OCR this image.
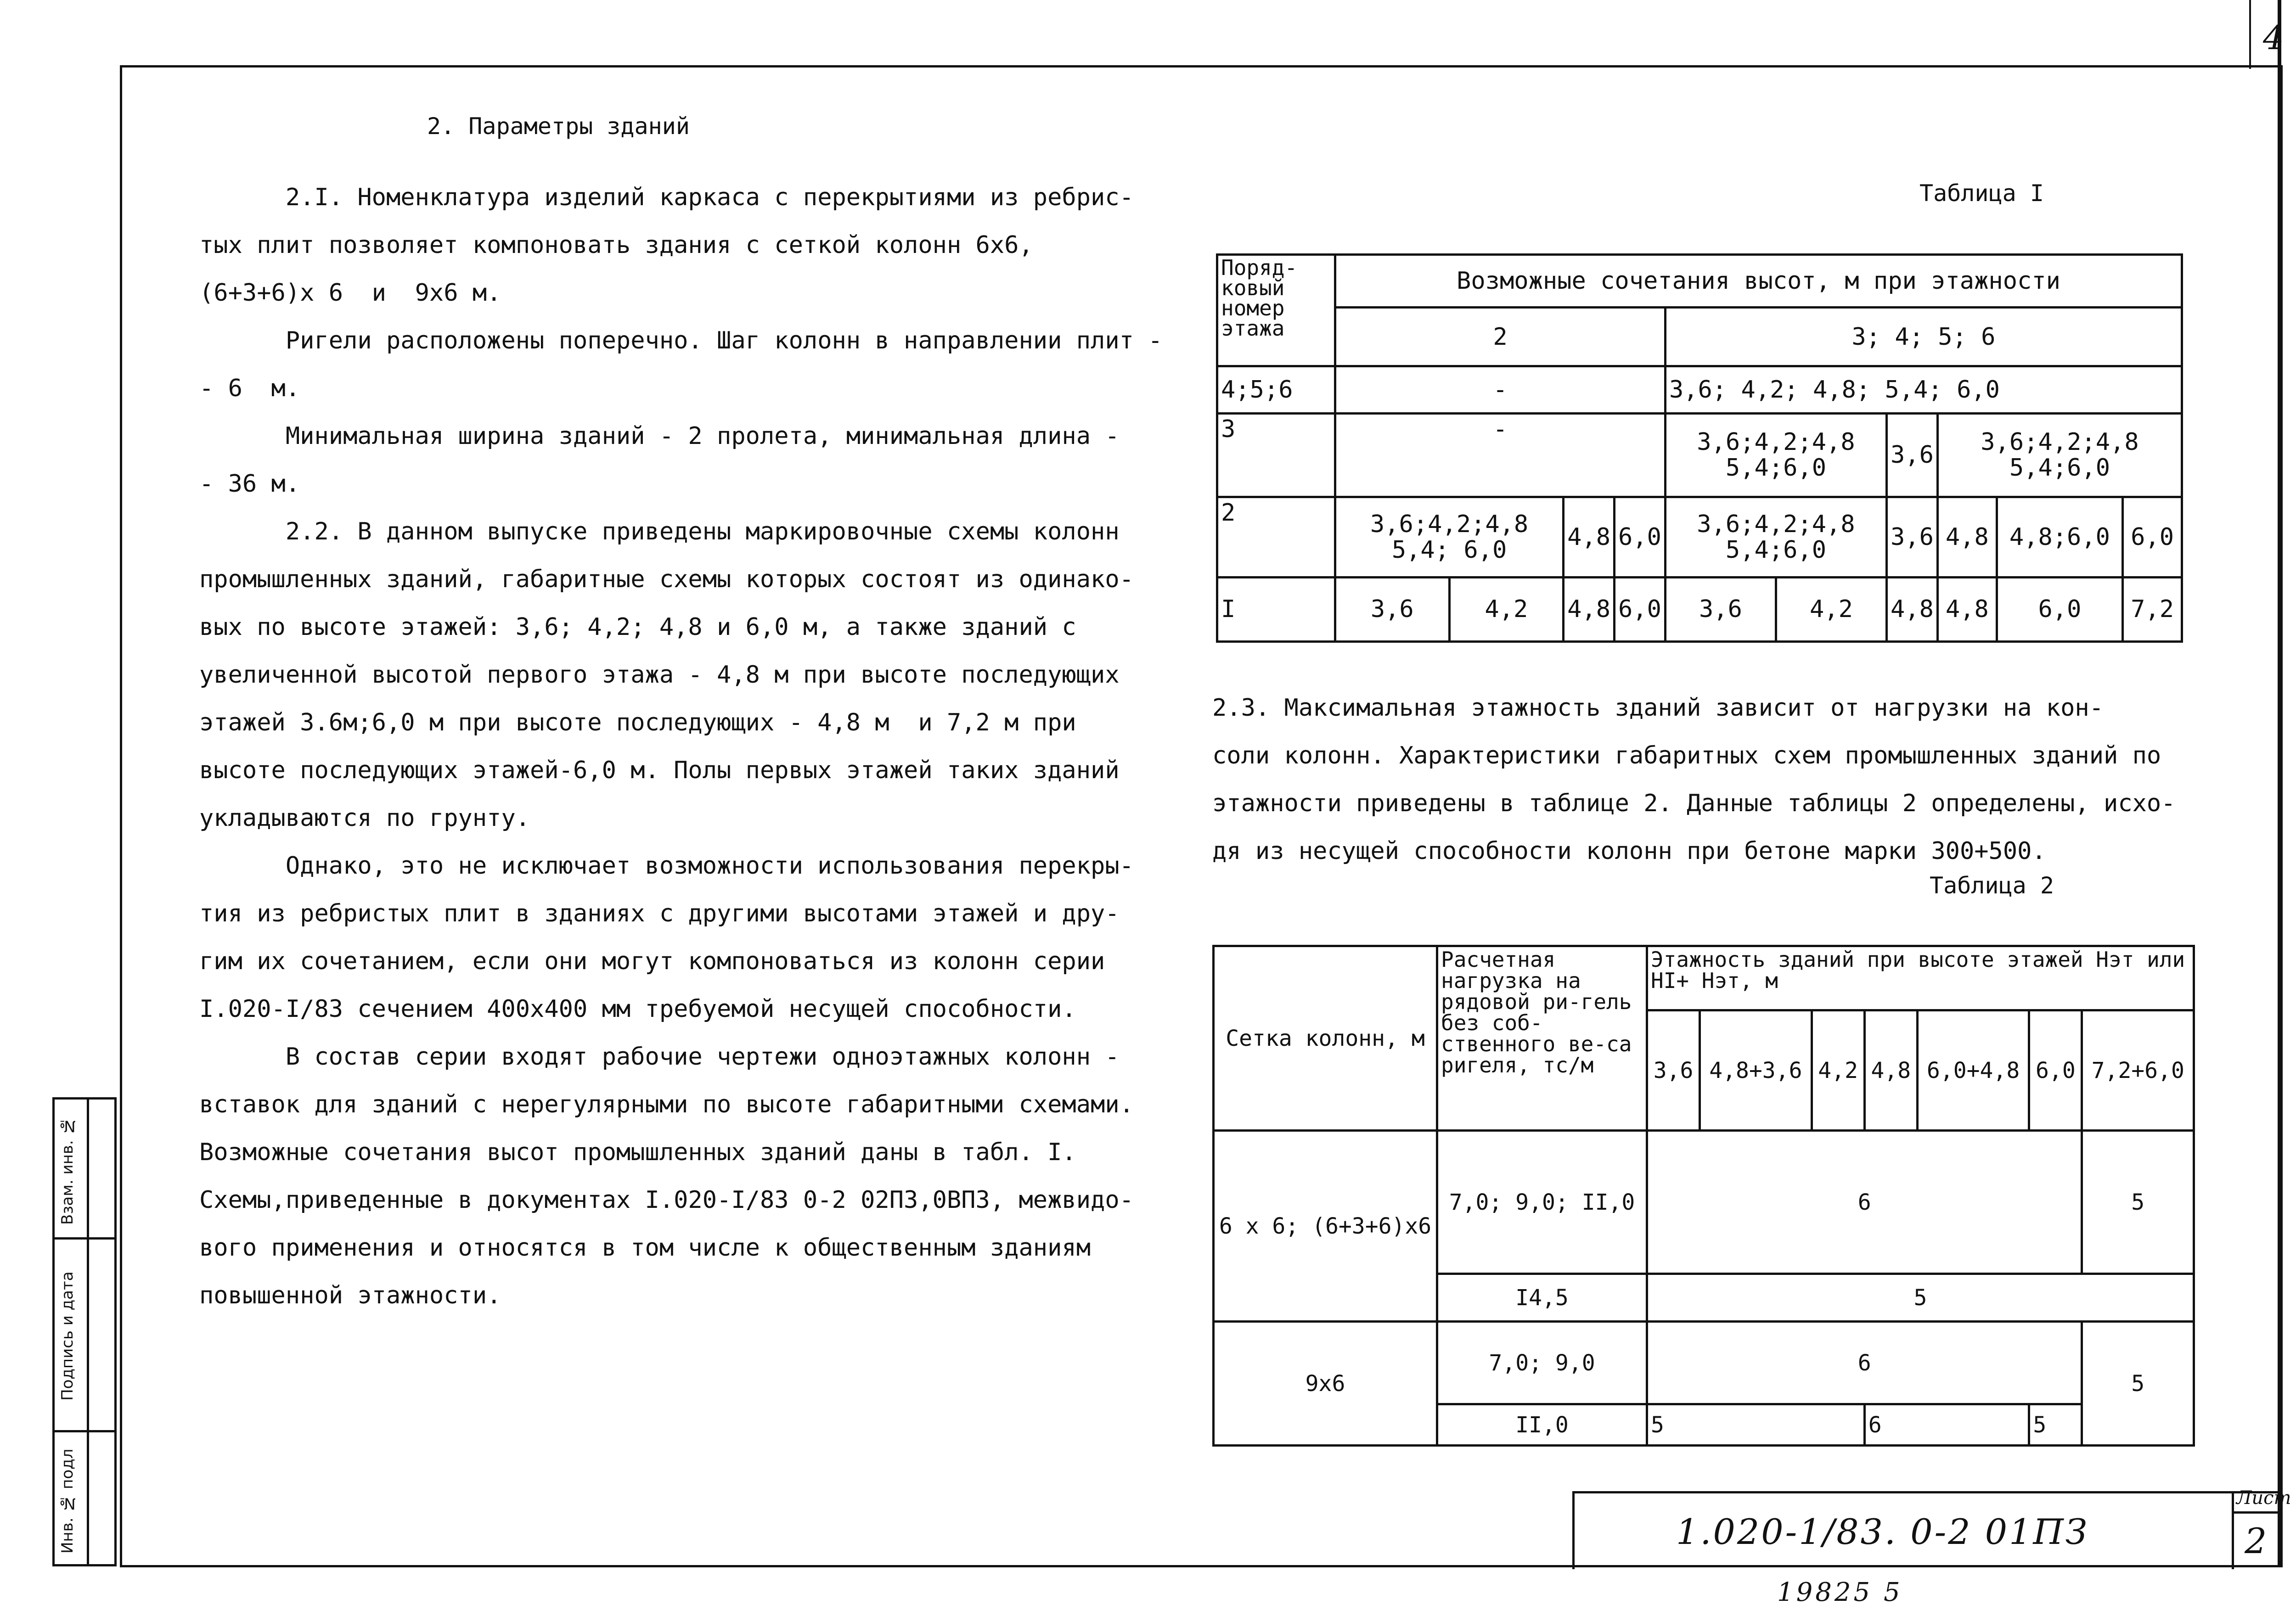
4
2. Параметры зданий

2.I. Номенклатура изделий каркаса с перекрытиями из ребрис-

тых плит позволяет компоновать здания с сеткой колонн 6х6,

(6+3+6)х 6  и  9х6 м.

Ригели расположены поперечно. Шаг колонн в направлении плит -

- 6  м.

Минимальная ширина зданий - 2 пролета, минимальная длина -

- 36 м.

2.2. В данном выпуске приведены маркировочные схемы колонн

промышленных зданий, габаритные схемы которых состоят из одинако-

вых по высоте этажей: 3,6; 4,2; 4,8 и 6,0 м, а также зданий с

увеличенной высотой первого этажа - 4,8 м при высоте последующих

этажей 3.6м;6,0 м при высоте последующих - 4,8 м  и 7,2 м при

высоте последующих этажей-6,0 м. Полы первых этажей таких зданий

укладываются по грунту.

Однако, это не исключает возможности использования перекры-

тия из ребристых плит в зданиях с другими высотами этажей и дру-

гим их сочетанием, если они могут компоноваться из колонн серии

I.020-I/83 сечением 400х400 мм требуемой несущей способности.

В состав серии входят рабочие чертежи одноэтажных колонн -

вставок для зданий с нерегулярными по высоте габаритными схемами.

Возможные сочетания высот промышленных зданий даны в табл. I.

Схемы,приведенные в документах I.020-I/83 0-2 02ПЗ,0ВПЗ, межвидо-

вого применения и относятся в том числе к общественным зданиям

повышенной этажности.

Таблица I
Поряд-ковый номер этажа	Возможные сочетания высот, м при этажности									
	2				3; 4; 5; 6					
4;5;6	-				3,6; 4,2; 4,8; 5,4; 6,0					
3	-				3,6;4,2;4,8 5,4;6,0		3,6	3,6;4,2;4,8 5,4;6,0		
2	3,6;4,2;4,8 5,4; 6,0		4,8	6,0	3,6;4,2;4,8 5,4;6,0		3,6	4,8	4,8;6,0	6,0
I	3,6	4,2	4,8	6,0	3,6	4,2	4,8	4,8	6,0	7,2

2.3. Максимальная этажность зданий зависит от нагрузки на кон-

соли колонн. Характеристики габаритных схем промышленных зданий по

этажности приведены в таблице 2. Данные таблицы 2 определены, исхо-

дя из несущей способности колонн при бетоне марки 300+500.

Таблица 2
Сетка колонн, м	Расчетная нагрузка на рядовой ри-гель без соб-ственного ве-са ригеля, тс/м	Этажность зданий при высоте этажей Нэт или НI+ Нэт, м						
		3,6	4,8+3,6	4,2	4,8	6,0+4,8	6,0	7,2+6,0
6 х 6; (6+3+6)х6	7,0; 9,0; II,0	6						5
	I4,5	5						
9х6	7,0; 9,0	6						5
	II,0	5			6		5	
1.020-1/83. 0-2 01ПЗ
Лист
2
19825 5
Взам. инв. №
Подпись и дата
Инв. № подл
